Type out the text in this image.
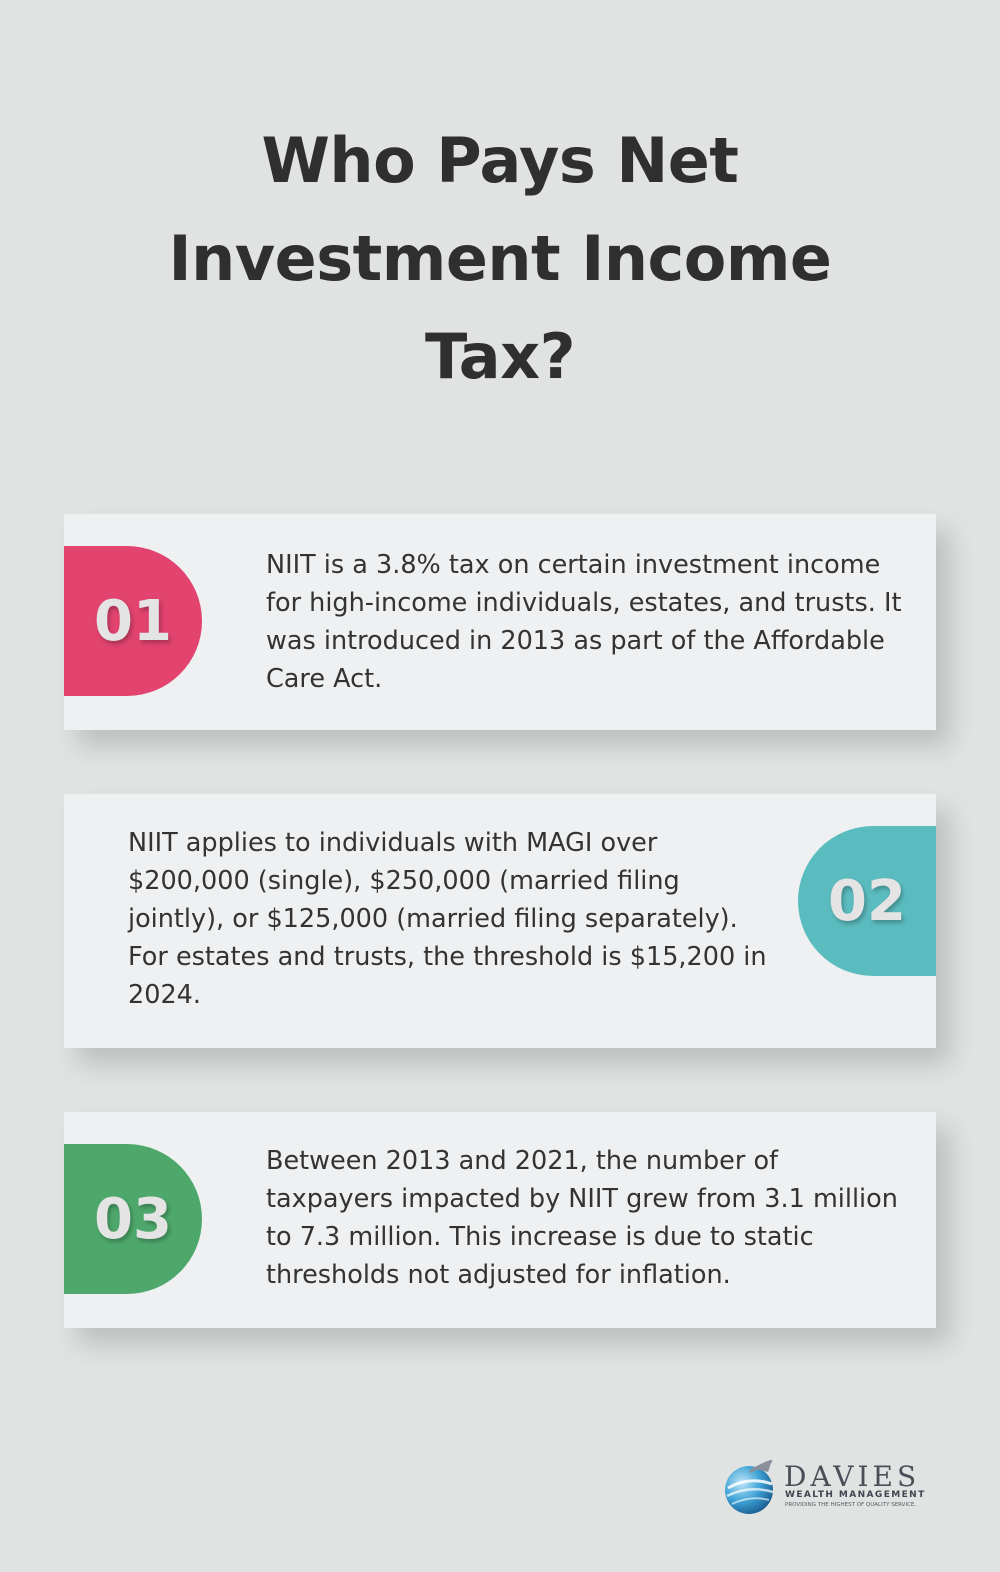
Who Pays Net
Investment Income
Tax?
01

NIIT is a 3.8% tax on certain investment income for high-income individuals, estates, and trusts. It was introduced in 2013 as part of the Affordable Care Act.

NIIT applies to individuals with MAGI over $200,000 (single), $250,000 (married filing jointly), or $125,000 (married filing separately). For estates and trusts, the threshold is $15,200 in 2024.

02
03

Between 2013 and 2021, the number of taxpayers impacted by NIIT grew from 3.1 million to 7.3 million. This increase is due to static thresholds not adjusted for inflation.

DAVIES

WEALTH MANAGEMENT

PROVIDING THE HIGHEST OF QUALITY SERVICE.
